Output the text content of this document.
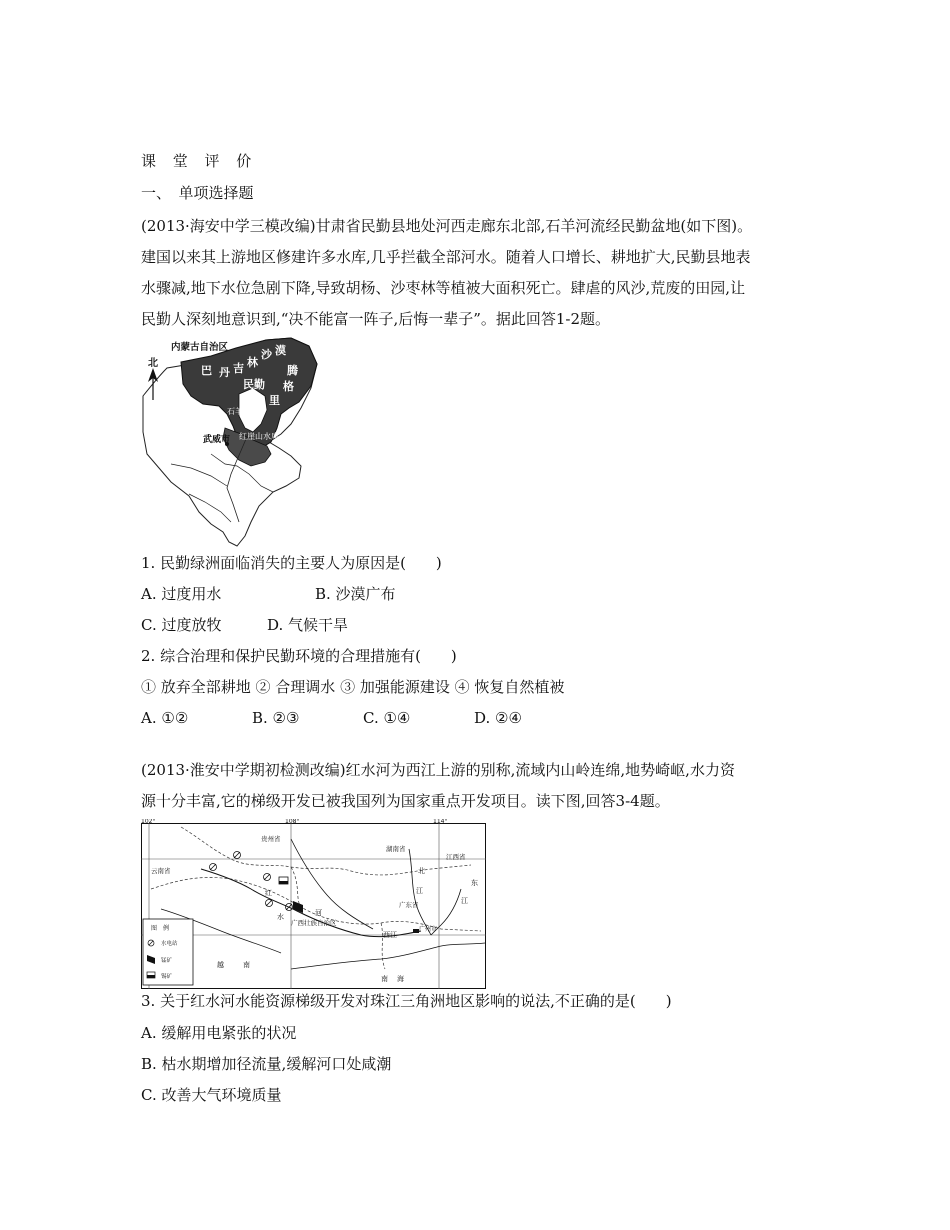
课 堂 评 价
一、　单项选择题
(2013·海安中学三模改编)甘肃省民勤县地处河西走廊东北部,石羊河流经民勤盆地(如下图)。
建国以来其上游地区修建许多水库,几乎拦截全部河水。随着人口增长、耕地扩大,民勤县地表
水骤减,地下水位急剧下降,导致胡杨、沙枣林等植被大面积死亡。肆虐的风沙,荒废的田园,让
民勤人深刻地意识到,“决不能富一阵子,后悔一辈子”。据此回答1-2题。
北
内蒙古自治区
巴 丹 吉 林
沙 漠
腾
格
里
民勤
石羊河
红崖山水库
武威市
1. 民勤绿洲面临消失的主要人为原因是(　　)
A. 过度用水	B. 沙漠广布
C. 过度放牧	D. 气候干旱
2. 综合治理和保护民勤环境的合理措施有(　　)
① 放弃全部耕地 ② 合理调水 ③ 加强能源建设 ④ 恢复自然植被
A. ①②	B. ②③	C. ①④	D. ②④
(2013·淮安中学期初检测改编)红水河为西江上游的别称,流域内山岭连绵,地势崎岖,水力资
源十分丰富,它的梯级开发已被我国列为国家重点开发项目。读下图,回答3-4题。
102°	108°	114°
贵州省
湖南省
江西省
云南省
广西壮族自治区
广东省
红
水	河
西江
北
江
东
江
广州市
越	南
南 海
图　例
水电站
锰矿
锡矿
3. 关于红水河水能资源梯级开发对珠江三角洲地区影响的说法,不正确的是(　　)
A. 缓解用电紧张的状况
B. 枯水期增加径流量,缓解河口处咸潮
C. 改善大气环境质量
